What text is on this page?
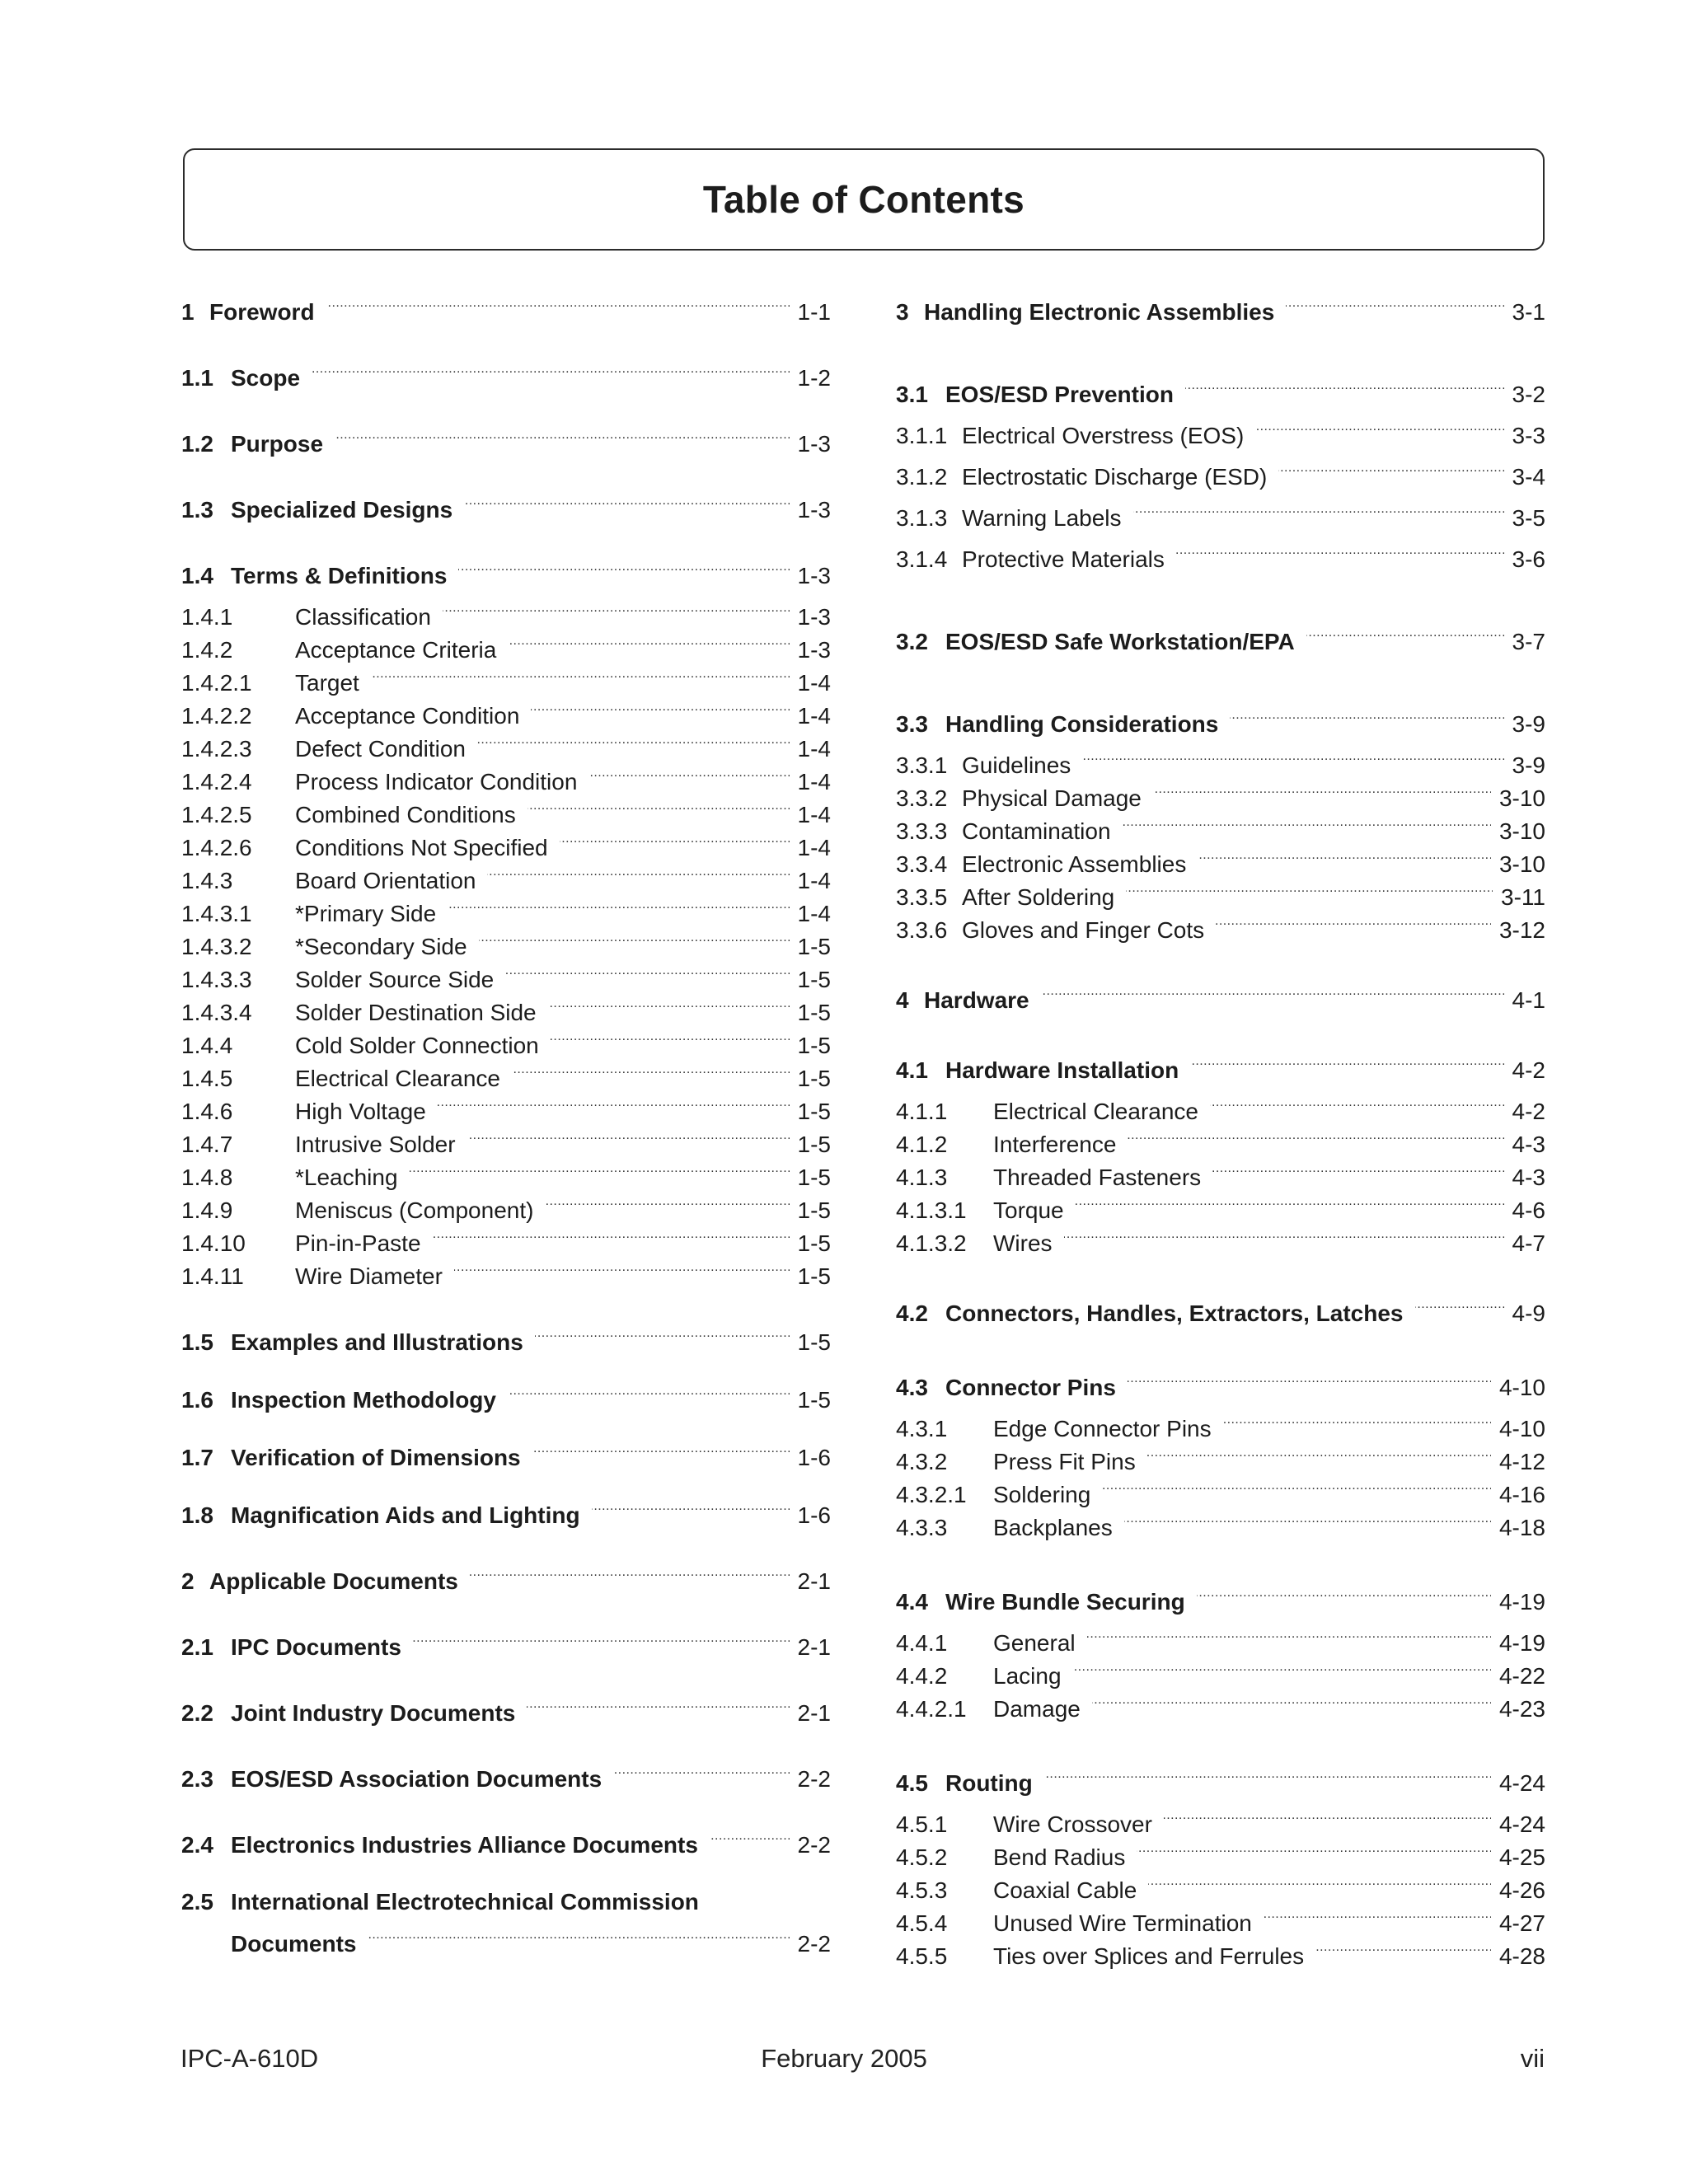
Table of Contents
1 Foreword . . .	1-1
1.1 Scope . . .	1-2
1.2 Purpose . . .	1-3
1.3 Specialized Designs . . .	1-3
1.4 Terms & Definitions . . .	1-3
1.4.1	Classification . . .	1-3
1.4.2	Acceptance Criteria . . .	1-3
1.4.2.1	Target . . .	1-4
1.4.2.2	Acceptance Condition . . .	1-4
1.4.2.3	Defect Condition . . .	1-4
1.4.2.4	Process Indicator Condition . . .	1-4
1.4.2.5	Combined Conditions . . .	1-4
1.4.2.6	Conditions Not Specified . . .	1-4
1.4.3	Board Orientation . . .	1-4
1.4.3.1	*Primary Side . . .	1-4
1.4.3.2	*Secondary Side . . .	1-5
1.4.3.3	Solder Source Side . . .	1-5
1.4.3.4	Solder Destination Side . . .	1-5
1.4.4	Cold Solder Connection . . .	1-5
1.4.5	Electrical Clearance . . .	1-5
1.4.6	High Voltage . . .	1-5
1.4.7	Intrusive Solder . . .	1-5
1.4.8	*Leaching . . .	1-5
1.4.9	Meniscus (Component) . . .	1-5
1.4.10	Pin-in-Paste . . .	1-5
1.4.11	Wire Diameter . . .	1-5
1.5 Examples and Illustrations . . .	1-5
1.6 Inspection Methodology . . .	1-5
1.7 Verification of Dimensions . . .	1-6
1.8 Magnification Aids and Lighting . . .	1-6
2 Applicable Documents . . .	2-1
2.1 IPC Documents . . .	2-1
2.2 Joint Industry Documents . . .	2-1
2.3 EOS/ESD Association Documents . . .	2-2
2.4 Electronics Industries Alliance Documents . . .	2-2
2.5 International Electrotechnical Commission
Documents . . .	2-2
3 Handling Electronic Assemblies . . .	3-1
3.1 EOS/ESD Prevention . . .	3-2
3.1.1 Electrical Overstress (EOS) . . .	3-3
3.1.2 Electrostatic Discharge (ESD) . . .	3-4
3.1.3 Warning Labels . . .	3-5
3.1.4 Protective Materials . . .	3-6
3.2 EOS/ESD Safe Workstation/EPA . . .	3-7
3.3 Handling Considerations . . .	3-9
3.3.1 Guidelines . . .	3-9
3.3.2 Physical Damage . . .	3-10
3.3.3 Contamination . . .	3-10
3.3.4 Electronic Assemblies . . .	3-10
3.3.5 After Soldering . . .	3-11
3.3.6 Gloves and Finger Cots . . .	3-12
4 Hardware . . .	4-1
4.1 Hardware Installation . . .	4-2
4.1.1	Electrical Clearance . . .	4-2
4.1.2	Interference . . .	4-3
4.1.3	Threaded Fasteners . . .	4-3
4.1.3.1	Torque . . .	4-6
4.1.3.2	Wires . . .	4-7
4.2 Connectors, Handles, Extractors, Latches . . .	4-9
4.3 Connector Pins . . .	4-10
4.3.1	Edge Connector Pins . . .	4-10
4.3.2	Press Fit Pins . . .	4-12
4.3.2.1	Soldering . . .	4-16
4.3.3	Backplanes . . .	4-18
4.4 Wire Bundle Securing . . .	4-19
4.4.1	General . . .	4-19
4.4.2	Lacing . . .	4-22
4.4.2.1	Damage . . .	4-23
4.5 Routing . . .	4-24
4.5.1	Wire Crossover . . .	4-24
4.5.2	Bend Radius . . .	4-25
4.5.3	Coaxial Cable . . .	4-26
4.5.4	Unused Wire Termination . . .	4-27
4.5.5	Ties over Splices and Ferrules . . .	4-28
IPC-A-610D	February 2005	vii
